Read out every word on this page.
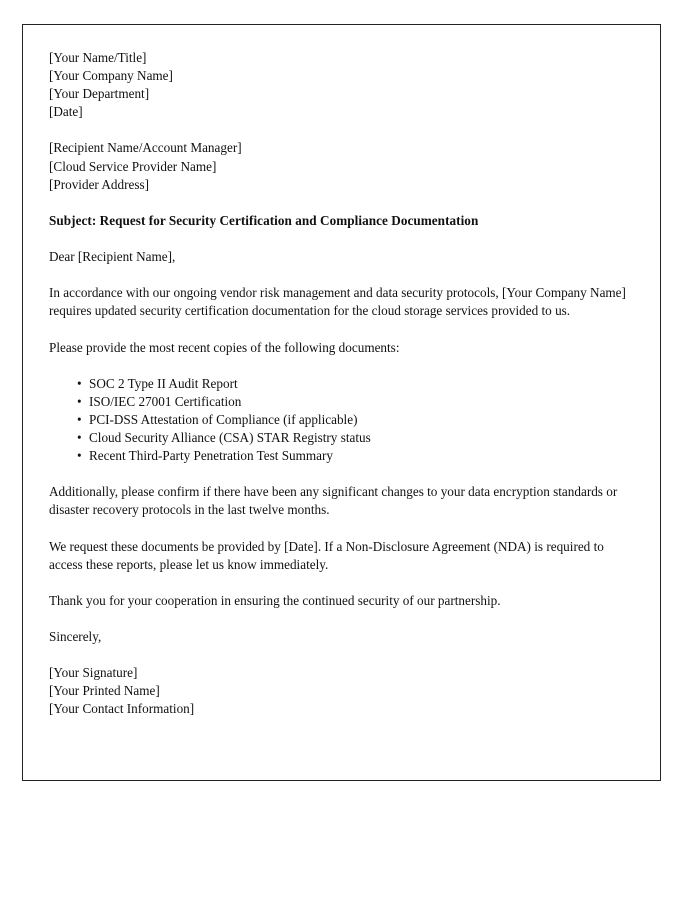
[Your Name/Title]
[Your Company Name]
[Your Department]
[Date]
[Recipient Name/Account Manager]
[Cloud Service Provider Name]
[Provider Address]
Subject: Request for Security Certification and Compliance Documentation
Dear [Recipient Name],
In accordance with our ongoing vendor risk management and data security protocols, [Your Company Name] requires updated security certification documentation for the cloud storage services provided to us.
Please provide the most recent copies of the following documents:
• SOC 2 Type II Audit Report
• ISO/IEC 27001 Certification
• PCI-DSS Attestation of Compliance (if applicable)
• Cloud Security Alliance (CSA) STAR Registry status
• Recent Third-Party Penetration Test Summary
Additionally, please confirm if there have been any significant changes to your data encryption standards or disaster recovery protocols in the last twelve months.
We request these documents be provided by [Date]. If a Non-Disclosure Agreement (NDA) is required to access these reports, please let us know immediately.
Thank you for your cooperation in ensuring the continued security of our partnership.
Sincerely,
[Your Signature]
[Your Printed Name]
[Your Contact Information]
